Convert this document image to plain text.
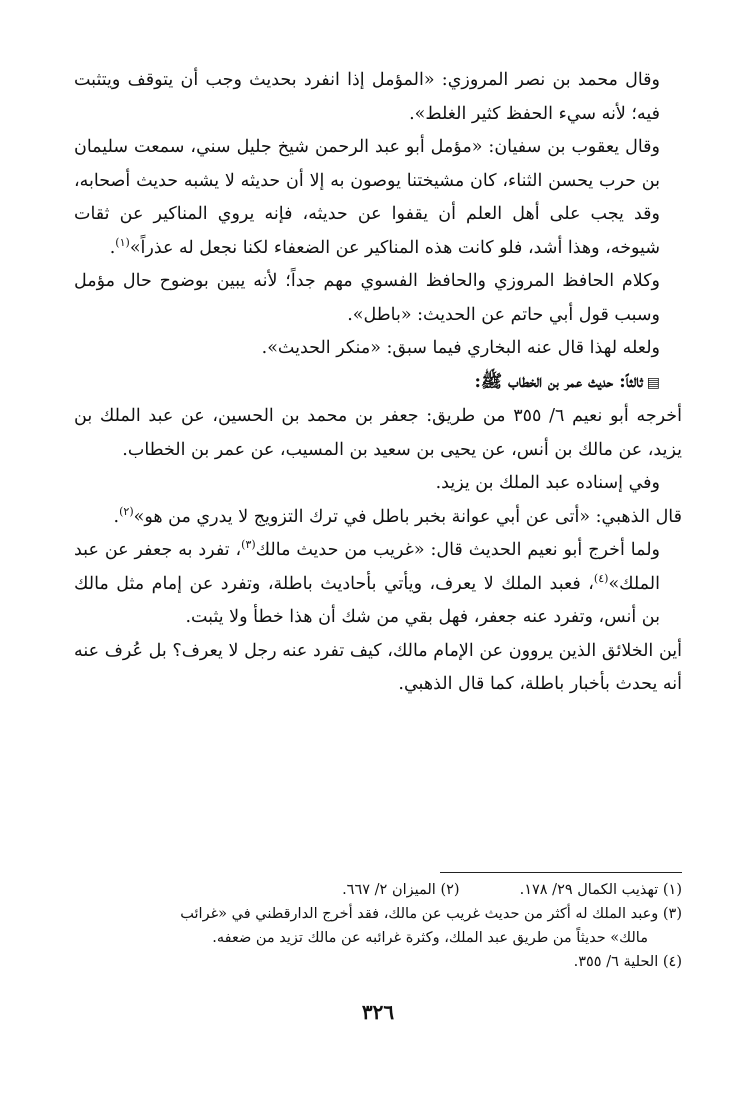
وقال محمد بن نصر المروزي: «المؤمل إذا انفرد بحديث وجب أن يتوقف ويتثبت فيه؛ لأنه سيء الحفظ كثير الغلط».

وقال يعقوب بن سفيان: «مؤمل أبو عبد الرحمن شيخ جليل سني، سمعت سليمان بن حرب يحسن الثناء، كان مشيختنا يوصون به إلا أن حديثه لا يشبه حديث أصحابه، وقد يجب على أهل العلم أن يقفوا عن حديثه، فإنه يروي المناكير عن ثقات شيوخه، وهذا أشد، فلو كانت هذه المناكير عن الضعفاء لكنا نجعل له عذراً»$^{(١)}$.

وكلام الحافظ المروزي والحافظ الفسوي مهم جداً؛ لأنه يبين بوضوح حال مؤمل وسبب قول أبي حاتم عن الحديث: «باطل».

ولعله لهذا قال عنه البخاري فيما سبق: «منكر الحديث».

▤ثالثاً: حديث عمر بن الخطاب ﷺ:

أخرجه أبو نعيم ٦/ ٣٥٥ من طريق: جعفر بن محمد بن الحسين، عن عبد الملك بن يزيد، عن مالك بن أنس، عن يحيى بن سعيد بن المسيب، عن عمر بن الخطاب.

وفي إسناده عبد الملك بن يزيد.

قال الذهبي: «أتى عن أبي عوانة بخبر باطل في ترك التزويج لا يدري من هو»$^{(٢)}$.

ولما أخرج أبو نعيم الحديث قال: «غريب من حديث مالك$^{(٣)}$، تفرد به جعفر عن عبد الملك»$^{(٤)}$، فعبد الملك لا يعرف، ويأتي بأحاديث باطلة، وتفرد عن إمام مثل مالك بن أنس، وتفرد عنه جعفر، فهل بقي من شك أن هذا خطأ ولا يثبت.

أين الخلائق الذين يروون عن الإمام مالك، كيف تفرد عنه رجل لا يعرف؟ بل عُرف عنه أنه يحدث بأخبار باطلة، كما قال الذهبي.

(١) تهذيب الكمال ٢٩/ ١٧٨.
(٢) الميزان ٢/ ٦٦٧.

(٣) وعبد الملك له أكثر من حديث غريب عن مالك، فقد أخرج الدارقطني في «غرائب

مالك» حديثاً من طريق عبد الملك، وكثرة غرائبه عن مالك تزيد من ضعفه.

(٤) الحلية ٦/ ٣٥٥.

٣٢٦
